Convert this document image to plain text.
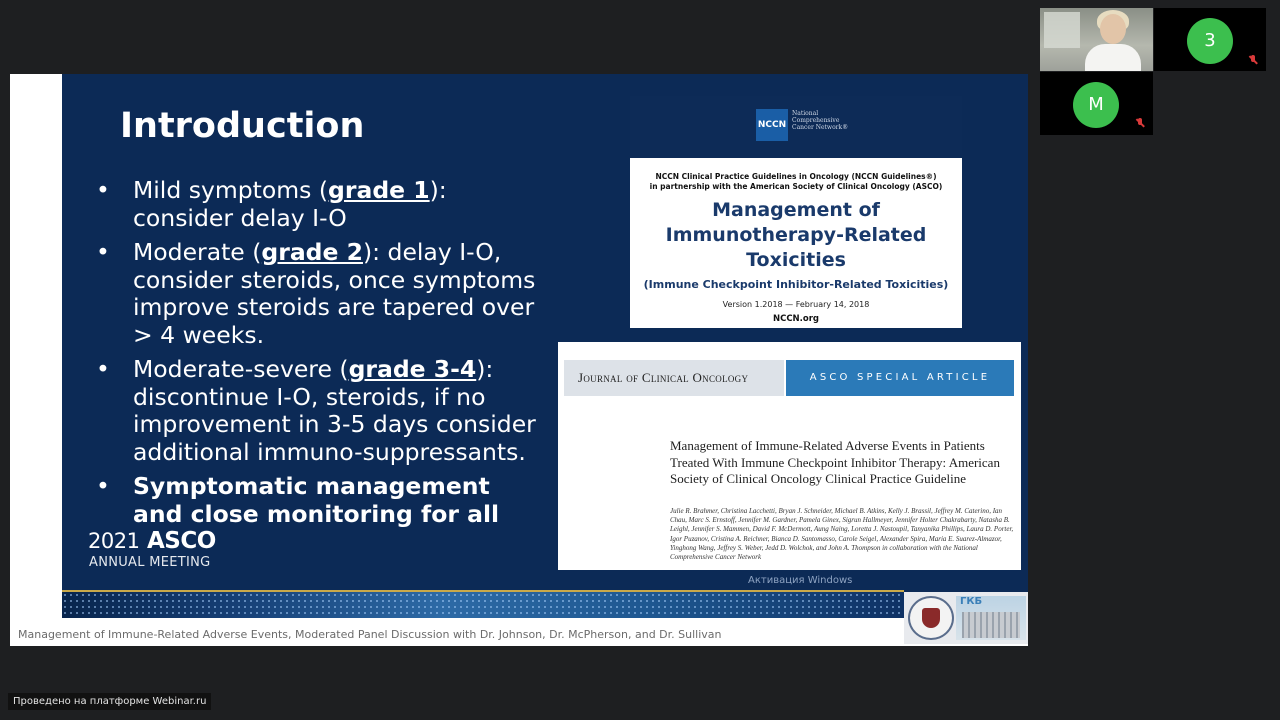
ГКБ
Management of Immune-Related Adverse Events, Moderated Panel Discussion with Dr. Johnson, Dr. McPherson, and Dr. Sullivan
Introduction
• Mild symptoms (grade 1): consider delay I-O
• Moderate (grade 2): delay I-O, consider steroids, once symptoms improve steroids are tapered over > 4 weeks.
• Moderate-severe (grade 3-4): discontinue I-O, steroids, if no improvement in 3-5 days consider additional immuno-suppressants.
• Symptomatic management and close monitoring for all
2021 ASCO
ANNUAL MEETING
NCCN
National Comprehensive Cancer Network®
NCCN Clinical Practice Guidelines in Oncology (NCCN Guidelines®)
in partnership with the American Society of Clinical Oncology (ASCO)
Management of Immunotherapy-Related Toxicities
(Immune Checkpoint Inhibitor-Related Toxicities)
Version 1.2018 — February 14, 2018
NCCN.org
Journal of Clinical Oncology	ASCO SPECIAL ARTICLE
Management of Immune-Related Adverse Events in Patients Treated With Immune Checkpoint Inhibitor Therapy: American Society of Clinical Oncology Clinical Practice Guideline
Julie R. Brahmer, Christina Lacchetti, Bryan J. Schneider, Michael B. Atkins, Kelly J. Brassil, Jeffrey M. Caterino, Ian Chau, Marc S. Ernstoff, Jennifer M. Gardner, Pamela Ginex, Sigrun Hallmeyer, Jennifer Holter Chakrabarty, Natasha B. Leighl, Jennifer S. Mammen, David F. McDermott, Aung Naing, Loretta J. Nastoupil, Tanyanika Phillips, Laura D. Porter, Igor Puzanov, Cristina A. Reichner, Bianca D. Santomasso, Carole Seigel, Alexander Spira, Maria E. Suarez-Almazor, Yinghong Wang, Jeffrey S. Weber, Jedd D. Wolchok, and John A. Thompson in collaboration with the National Comprehensive Cancer Network
Активация Windows
3
M
Проведено на платформе Webinar.ru
